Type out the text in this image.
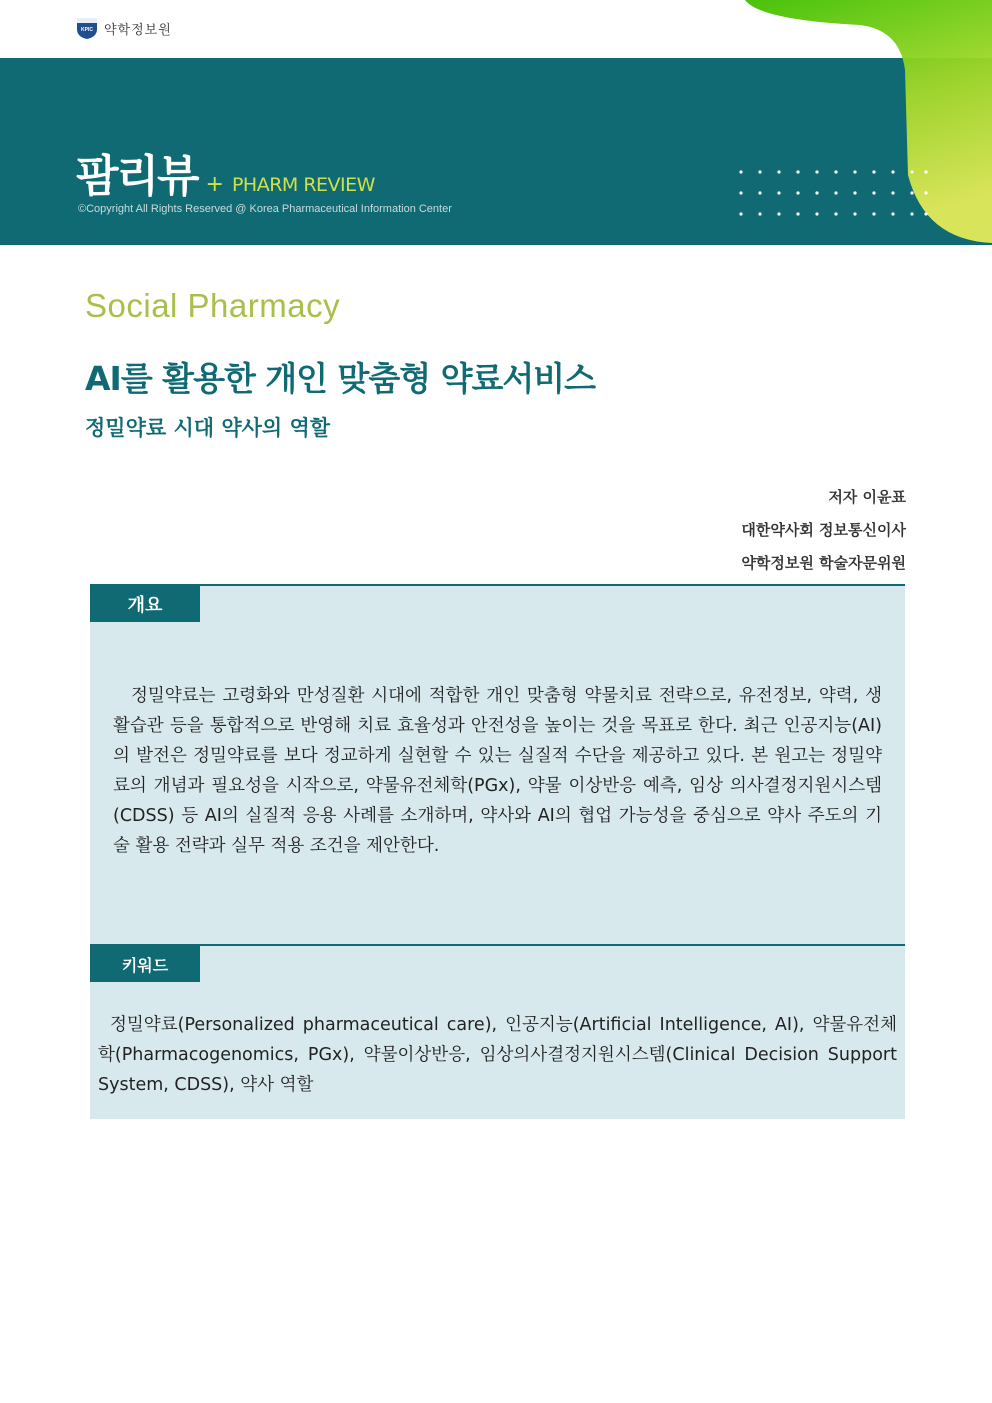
KPIC 약학정보원
팜리뷰 + PHARM REVIEW
©Copyright All Rights Reserved @ Korea Pharmaceutical Information Center
Social Pharmacy
AI를 활용한 개인 맞춤형 약료서비스
정밀약료 시대 약사의 역할
저자 이윤표
대한약사회 정보통신이사
약학정보원 학술자문위원
개요
정밀약료는 고령화와 만성질환 시대에 적합한 개인 맞춤형 약물치료 전략으로, 유전정보, 약력, 생활습관 등을 통합적으로 반영해 치료 효율성과 안전성을 높이는 것을 목표로 한다. 최근 인공지능(AI)의 발전은 정밀약료를 보다 정교하게 실현할 수 있는 실질적 수단을 제공하고 있다. 본 원고는 정밀약료의 개념과 필요성을 시작으로, 약물유전체학(PGx), 약물 이상반응 예측, 임상 의사결정지원시스템(CDSS) 등 AI의 실질적 응용 사례를 소개하며, 약사와 AI의 협업 가능성을 중심으로 약사 주도의 기술 활용 전략과 실무 적용 조건을 제안한다.
키워드
정밀약료(Personalized pharmaceutical care), 인공지능(Artificial Intelligence, AI), 약물유전체학(Pharmacogenomics, PGx), 약물이상반응, 임상의사결정지원시스템(Clinical Decision Support System, CDSS), 약사 역할
